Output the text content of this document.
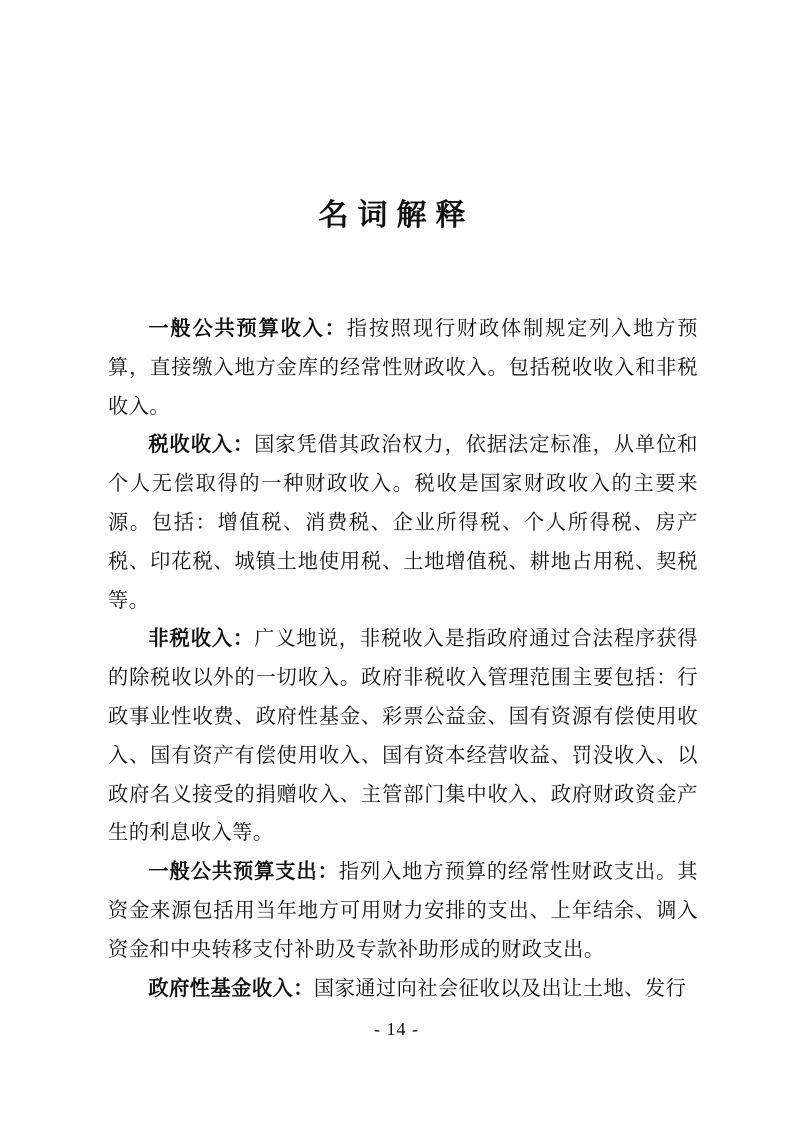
名词解释

一般公共预算收入：指按照现行财政体制规定列入地方预算，直接缴入地方金库的经常性财政收入。包括税收收入和非税收入。

税收收入：国家凭借其政治权力，依据法定标准，从单位和个人无偿取得的一种财政收入。税收是国家财政收入的主要来源。包括：增值税、消费税、企业所得税、个人所得税、房产税、印花税、城镇土地使用税、土地增值税、耕地占用税、契税等。

非税收入：广义地说，非税收入是指政府通过合法程序获得的除税收以外的一切收入。政府非税收入管理范围主要包括：行政事业性收费、政府性基金、彩票公益金、国有资源有偿使用收入、国有资产有偿使用收入、国有资本经营收益、罚没收入、以政府名义接受的捐赠收入、主管部门集中收入、政府财政资金产生的利息收入等。

一般公共预算支出：指列入地方预算的经常性财政支出。其资金来源包括用当年地方可用财力安排的支出、上年结余、调入资金和中央转移支付补助及专款补助形成的财政支出。

政府性基金收入：国家通过向社会征收以及出让土地、发行

- 14 -
